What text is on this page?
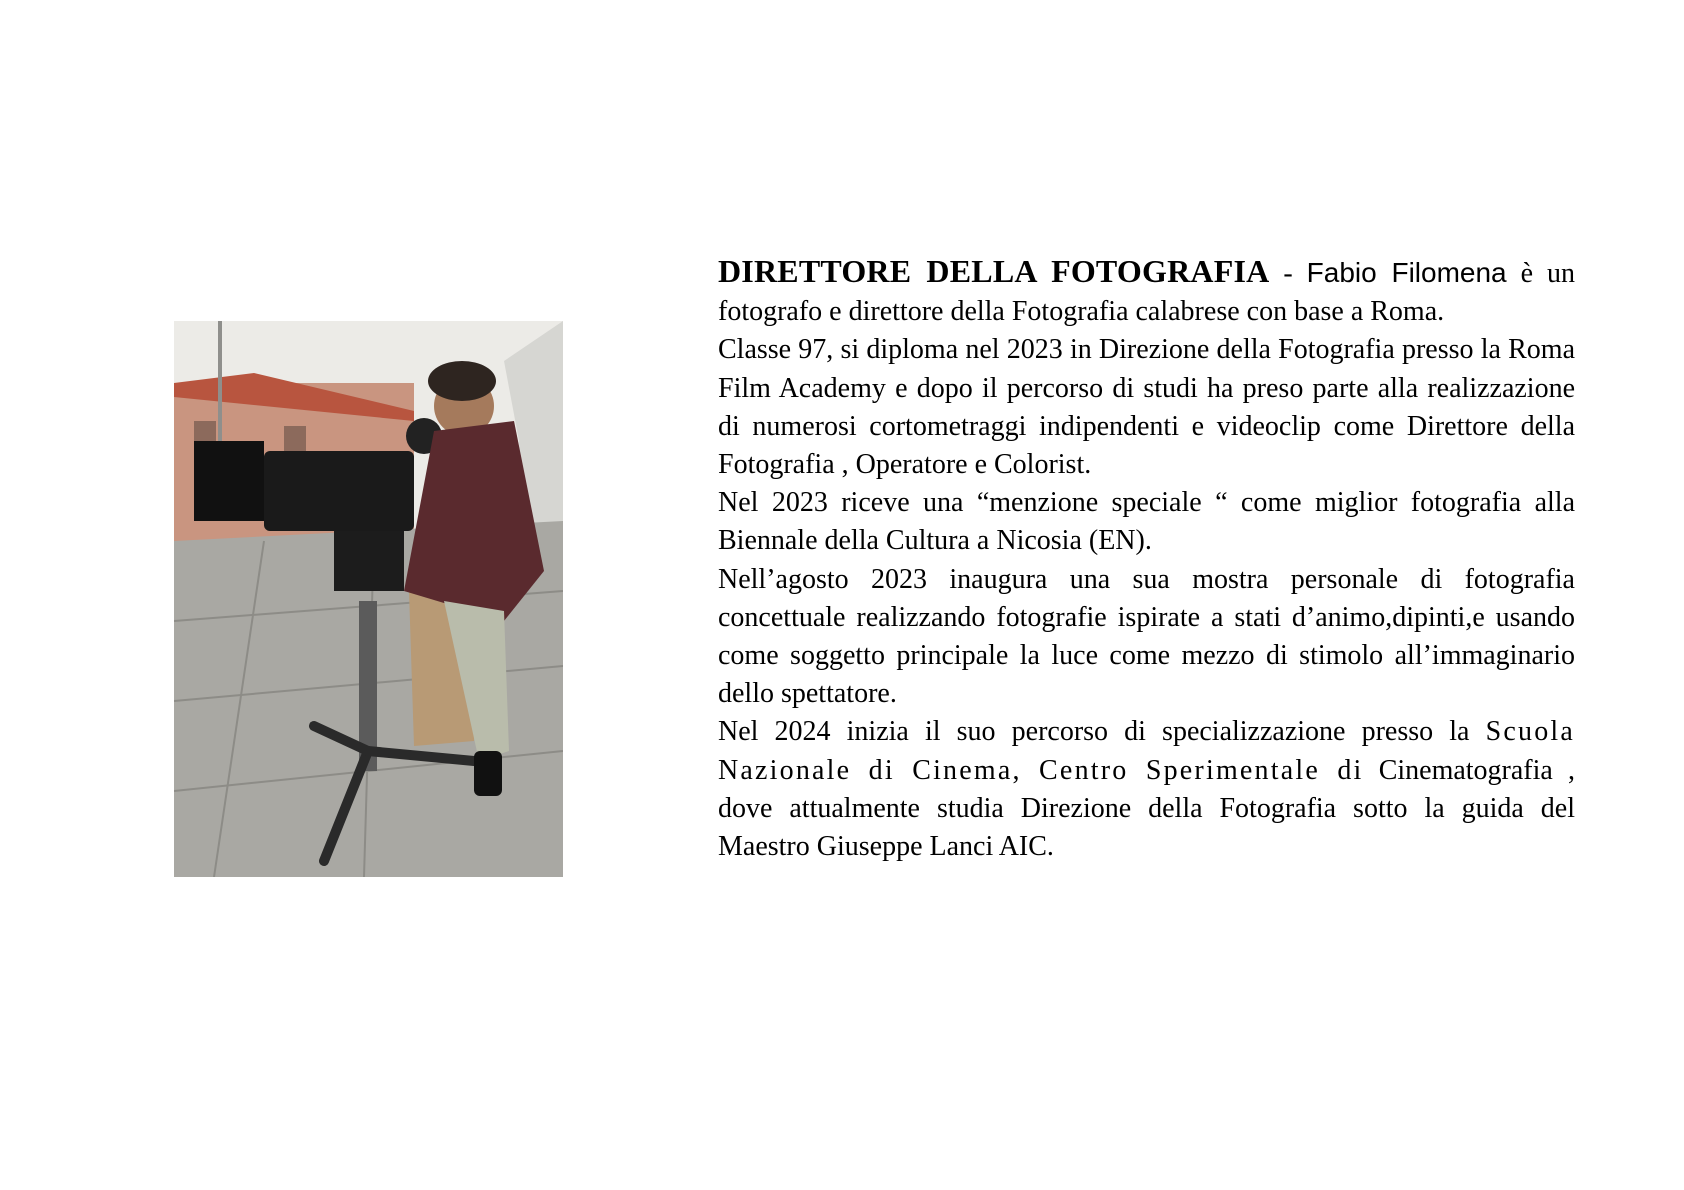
DIRETTORE DELLA FOTOGRAFIA - Fabio Filomena è un fotografo e direttore della Fotografia calabrese con base a Roma.

Classe 97, si diploma nel 2023 in Direzione della Fotografia presso la Roma Film Academy e dopo il percorso di studi ha preso parte alla realizzazione di numerosi cortometraggi indipendenti e videoclip come Direttore della Fotografia , Operatore e Colorist.

Nel 2023 riceve una “menzione speciale “ come miglior fotografia alla Biennale della Cultura a Nicosia (EN).

Nell’agosto 2023 inaugura una sua mostra personale di fotografia concettuale realizzando fotografie ispirate a stati d’animo,dipinti,e usando come soggetto principale la luce come mezzo di stimolo all’immaginario dello spettatore.

Nel 2024 inizia il suo percorso di specializzazione presso la Scuola Nazionale di Cinema, Centro Sperimentale di Cinematografia , dove attualmente studia Direzione della Fotografia sotto la guida del Maestro Giuseppe Lanci AIC.
